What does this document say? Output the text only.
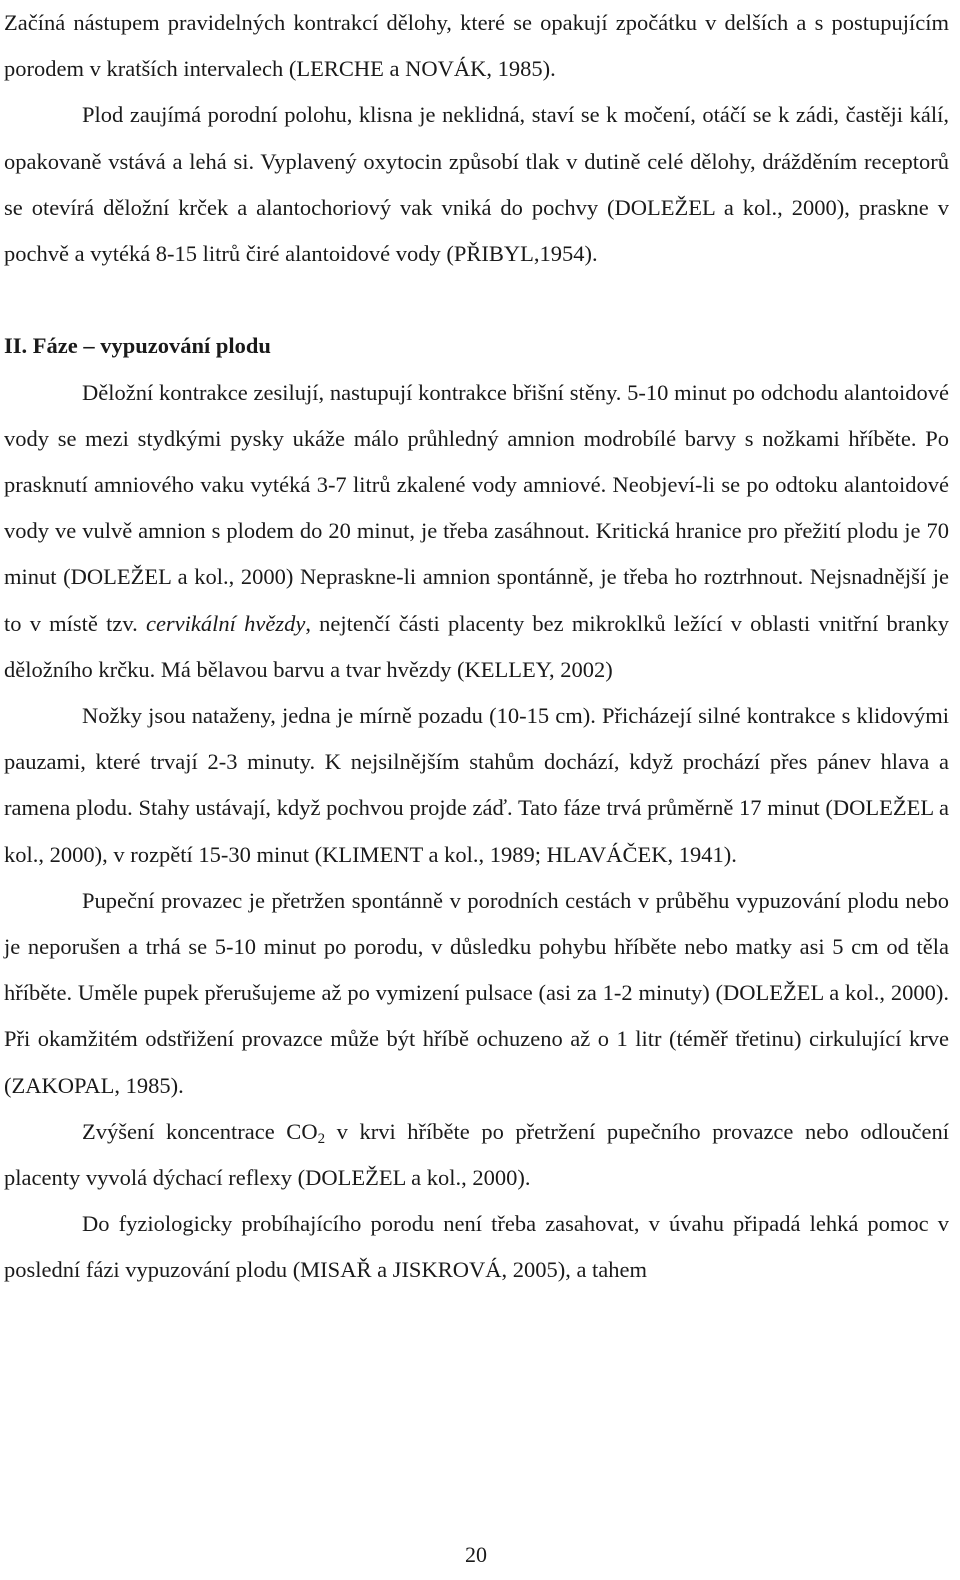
Začíná nástupem pravidelných kontrakcí dělohy, které se opakují zpočátku v delších a s postupujícím porodem v kratších intervalech (LERCHE a NOVÁK, 1985).

Plod zaujímá porodní polohu, klisna je neklidná, staví se k močení, otáčí se k zádi, častěji kálí, opakovaně vstává a lehá si. Vyplavený oxytocin způsobí tlak v dutině celé dělohy, drážděním receptorů se otevírá děložní krček a alantochoriový vak vniká do pochvy (DOLEŽEL a kol., 2000), praskne v pochvě a vytéká 8-15 litrů čiré alantoidové vody (PŘIBYL,1954).

II. Fáze – vypuzování plodu

Děložní kontrakce zesilují, nastupují kontrakce břišní stěny. 5-10 minut po odchodu alantoidové vody se mezi stydkými pysky ukáže málo průhledný amnion modrobílé barvy s nožkami hříběte. Po prasknutí amniového vaku vytéká 3-7 litrů zkalené vody amniové. Neobjeví-li se po odtoku alantoidové vody ve vulvě amnion s plodem do 20 minut, je třeba zasáhnout. Kritická hranice pro přežití plodu je 70 minut (DOLEŽEL a kol., 2000) Nepraskne-li amnion spontánně, je třeba ho roztrhnout. Nejsnadnější je to v místě tzv. cervikální hvězdy, nejtenčí části placenty bez mikroklků ležící v oblasti vnitřní branky děložního krčku. Má bělavou barvu a tvar hvězdy (KELLEY, 2002)

Nožky jsou nataženy, jedna je mírně pozadu (10-15 cm). Přicházejí silné kontrakce s klidovými pauzami, které trvají 2-3 minuty. K nejsilnějším stahům dochází, když prochází přes pánev hlava a ramena plodu. Stahy ustávají, když pochvou projde záď. Tato fáze trvá průměrně 17 minut (DOLEŽEL a kol., 2000), v rozpětí 15-30 minut (KLIMENT a kol., 1989; HLAVÁČEK, 1941).

Pupeční provazec je přetržen spontánně v porodních cestách v průběhu vypuzování plodu nebo je neporušen a trhá se 5-10 minut po porodu, v důsledku pohybu hříběte nebo matky asi 5 cm od těla hříběte. Uměle pupek přerušujeme až po vymizení pulsace (asi za 1-2 minuty) (DOLEŽEL a kol., 2000). Při okamžitém odstřižení provazce může být hříbě ochuzeno až o 1 litr (téměř třetinu) cirkulující krve (ZAKOPAL, 1985).

Zvýšení koncentrace $CO_2$ v krvi hříběte po přetržení pupečního provazce nebo odloučení placenty vyvolá dýchací reflexy (DOLEŽEL a kol., 2000).

Do fyziologicky probíhajícího porodu není třeba zasahovat, v úvahu připadá lehká pomoc v poslední fázi vypuzování plodu (MISAŘ a JISKROVÁ, 2005), a tahem

20
